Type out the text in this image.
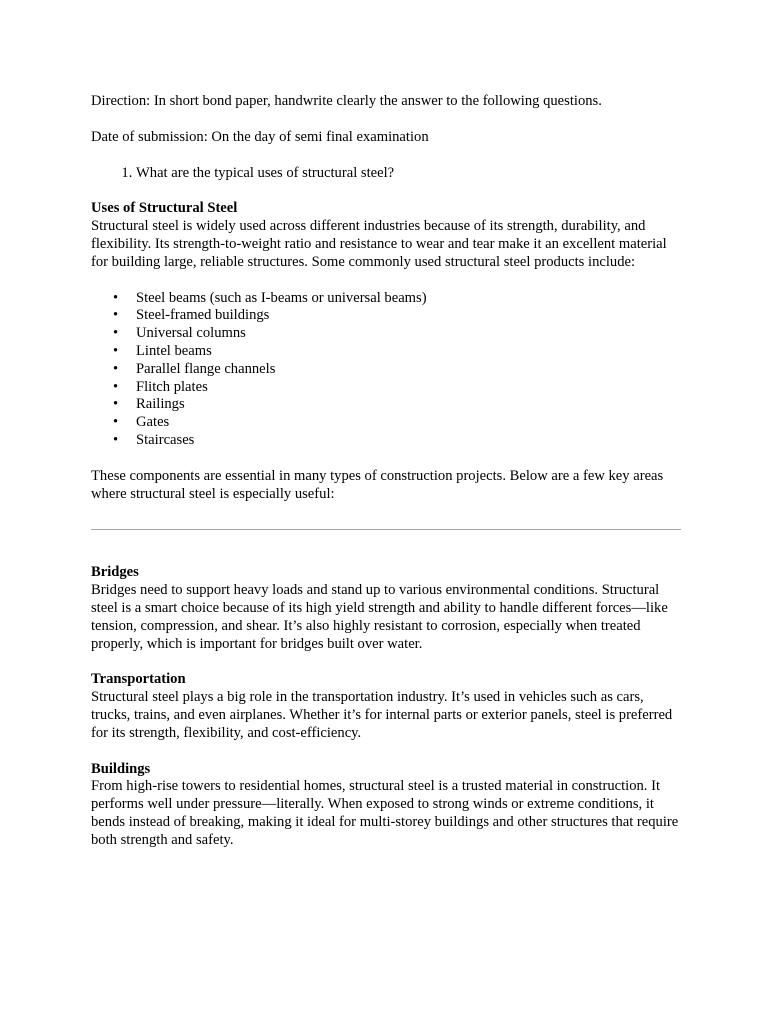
Direction: In short bond paper, handwrite clearly the answer to the following questions.

Date of submission: On the day of semi final examination

1. What are the typical uses of structural steel?

Uses of Structural Steel

Structural steel is widely used across different industries because of its strength, durability, and flexibility. Its strength-to-weight ratio and resistance to wear and tear make it an excellent material for building large, reliable structures. Some commonly used structural steel products include:

• Steel beams (such as I-beams or universal beams)
• Steel-framed buildings
• Universal columns
• Lintel beams
• Parallel flange channels
• Flitch plates
• Railings
• Gates
• Staircases

These components are essential in many types of construction projects. Below are a few key areas where structural steel is especially useful:

Bridges

Bridges need to support heavy loads and stand up to various environmental conditions. Structural steel is a smart choice because of its high yield strength and ability to handle different forces—like tension, compression, and shear. It’s also highly resistant to corrosion, especially when treated properly, which is important for bridges built over water.

Transportation

Structural steel plays a big role in the transportation industry. It’s used in vehicles such as cars, trucks, trains, and even airplanes. Whether it’s for internal parts or exterior panels, steel is preferred for its strength, flexibility, and cost-efficiency.

Buildings

From high-rise towers to residential homes, structural steel is a trusted material in construction. It performs well under pressure—literally. When exposed to strong winds or extreme conditions, it bends instead of breaking, making it ideal for multi-storey buildings and other structures that require both strength and safety.
